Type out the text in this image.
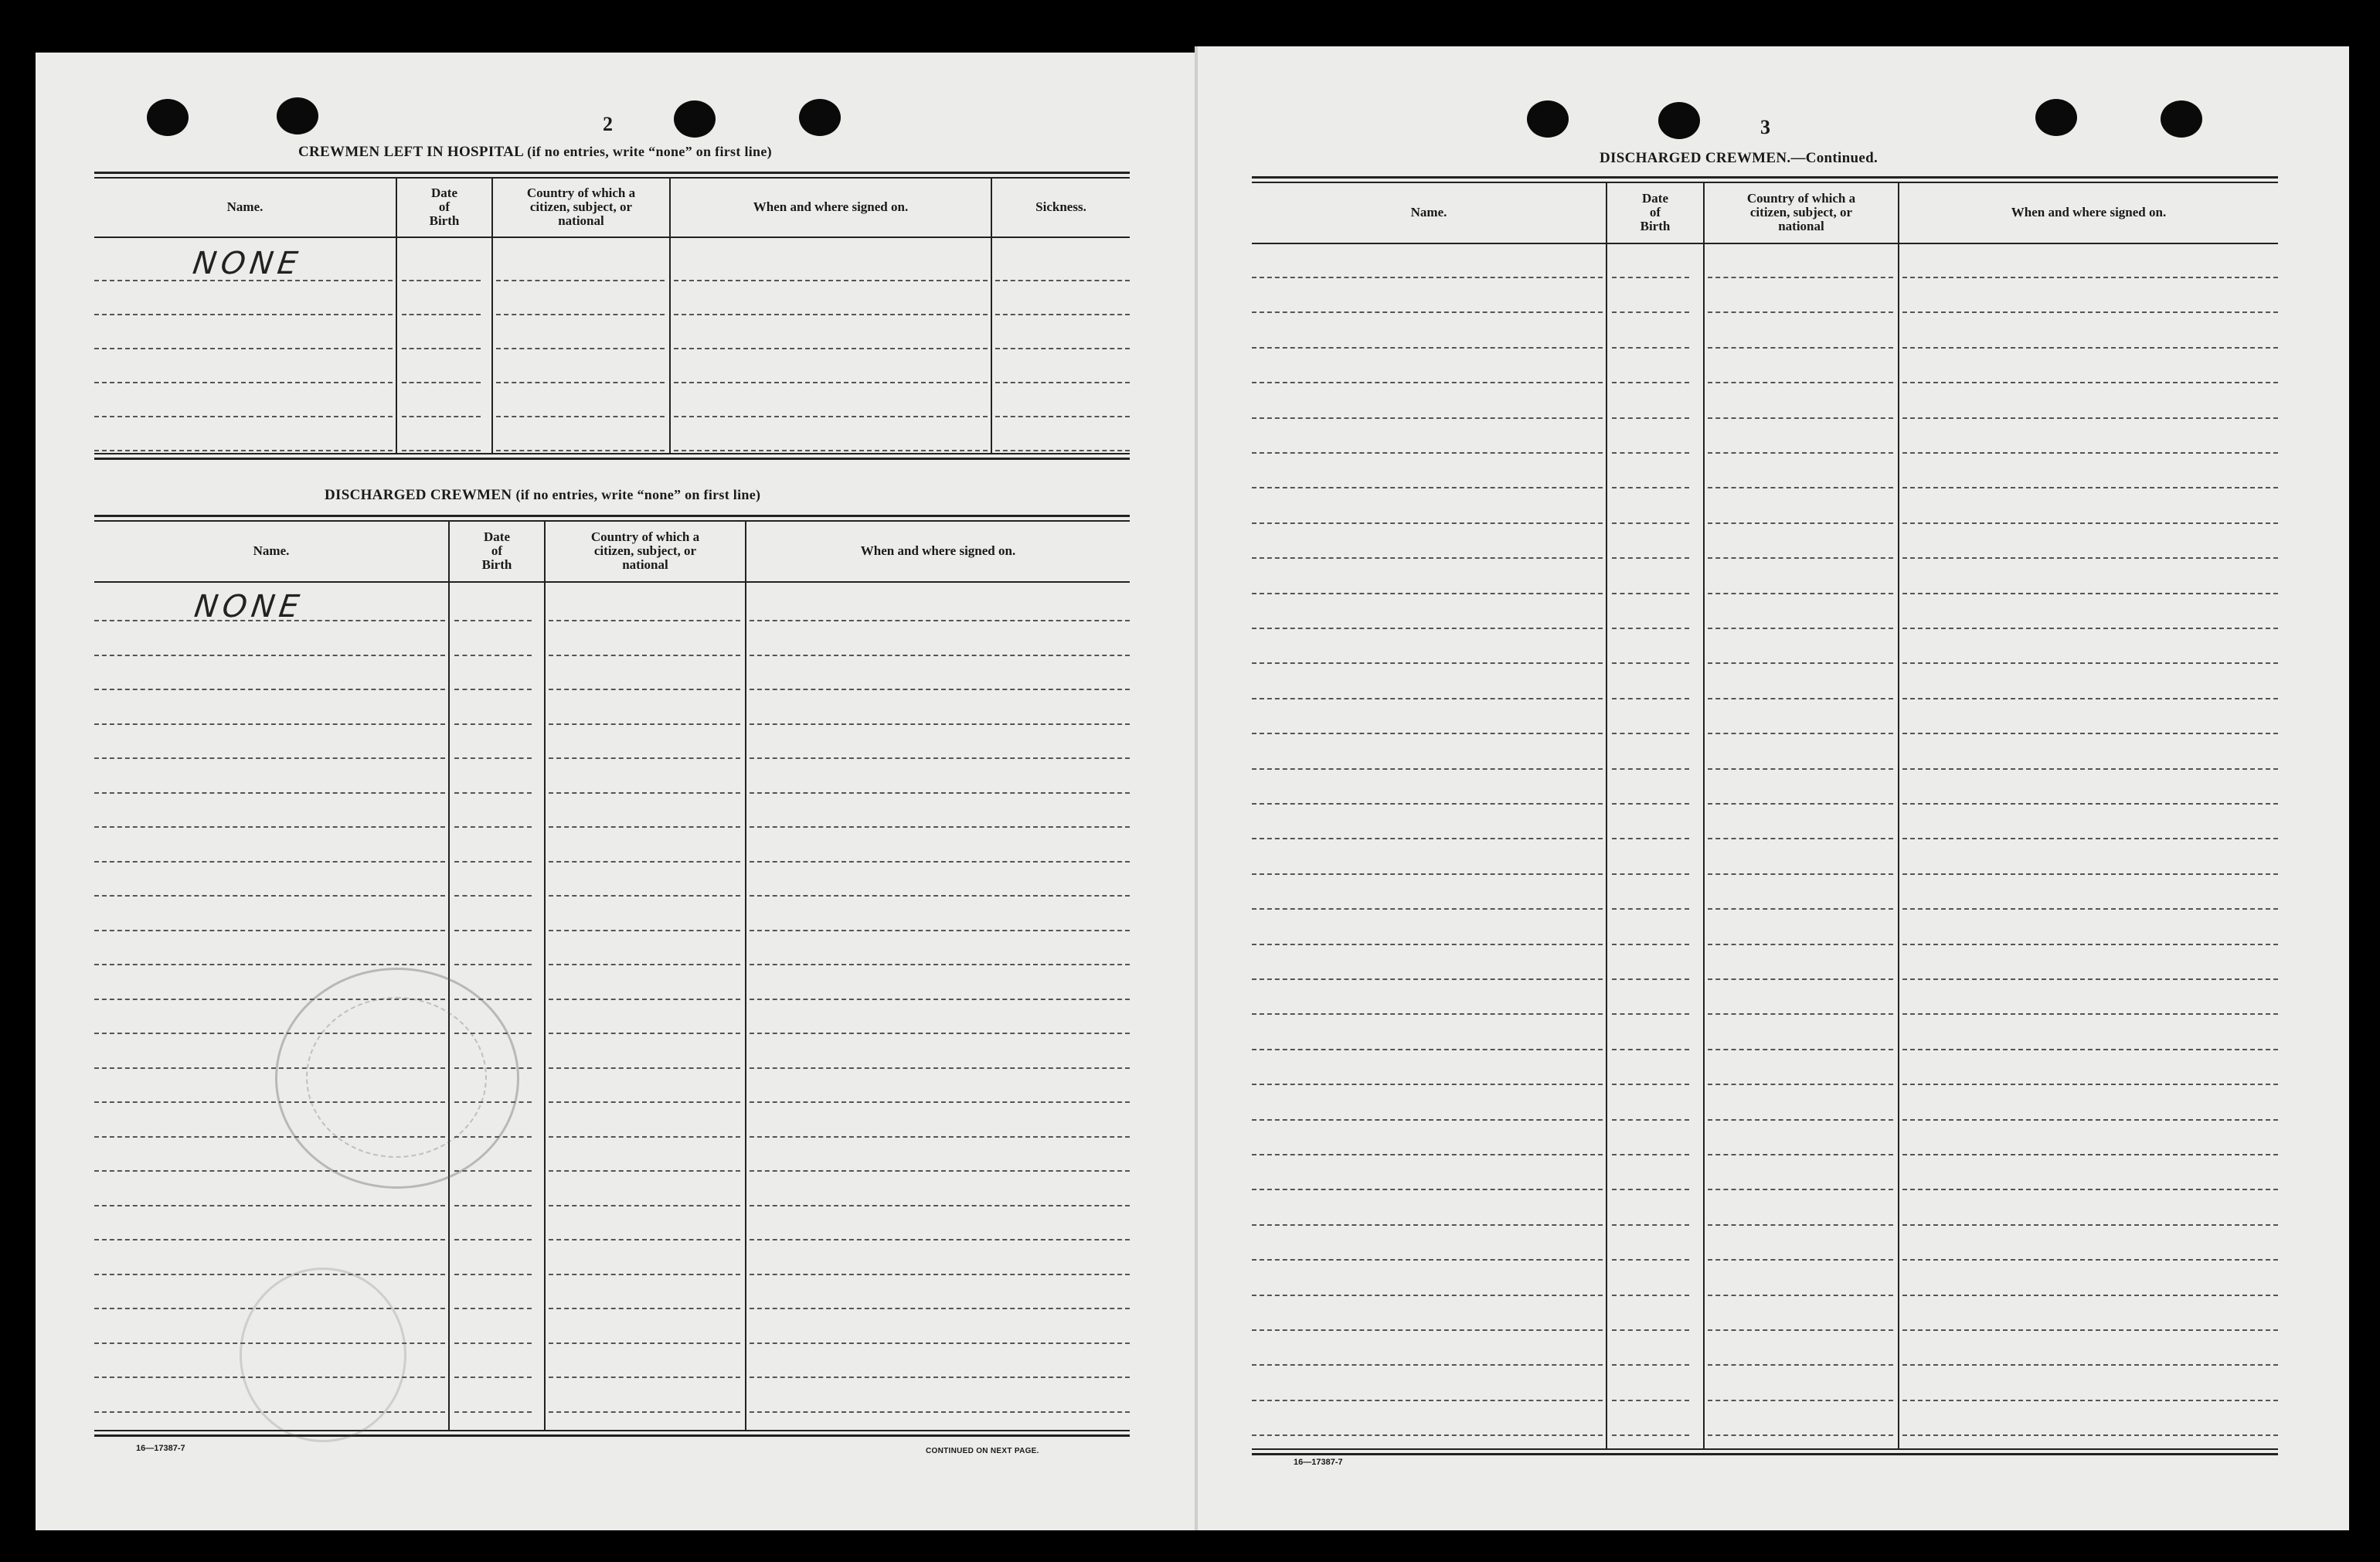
2
CREWMEN LEFT IN HOSPITAL (if no entries, write “none” on first line)
Name.
Date
of
Birth
Country of which a
citizen, subject, or
national
When and where signed on.	Sickness.
NONE
DISCHARGED CREWMEN (if no entries, write “none” on first line)
Name.
Date
of
Birth
Country of which a
citizen, subject, or
national
When and where signed on.
NONE
16—17387-7	CONTINUED ON NEXT PAGE.
3
DISCHARGED CREWMEN.—Continued.
Name.
Date
of
Birth
Country of which a
citizen, subject, or
national
When and where signed on.
16—17387-7
